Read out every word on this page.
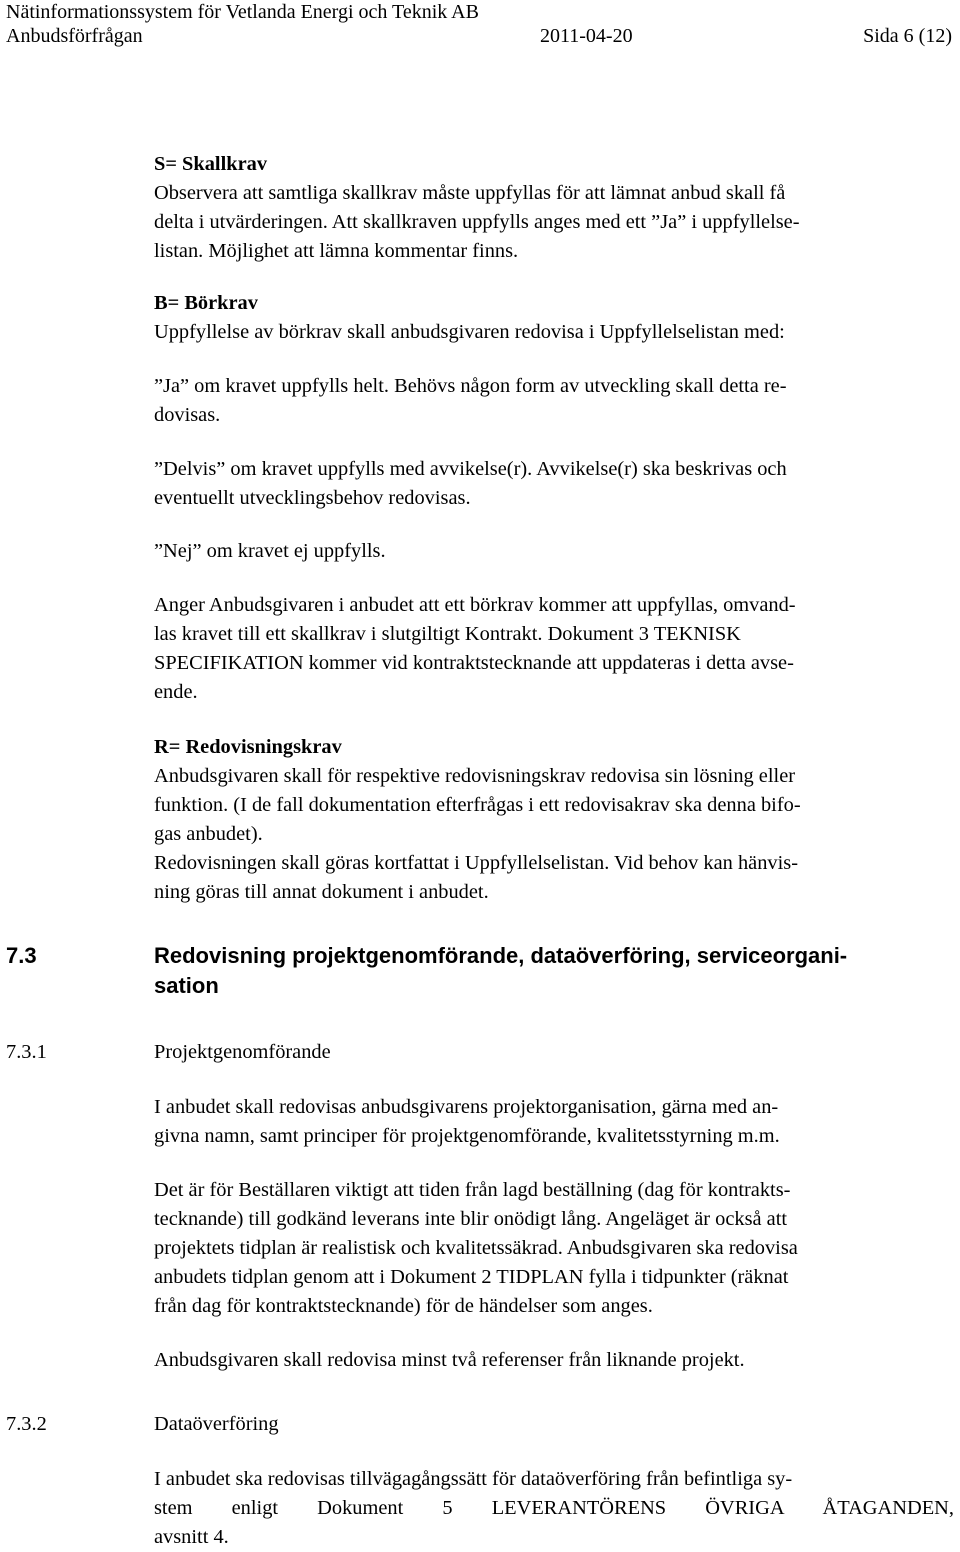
Nätinformationssystem för Vetlanda Energi och Teknik AB
Anbudsförfrågan	2011-04-20	Sida 6 (12)
S= Skallkrav
Observera att samtliga skallkrav måste uppfyllas för att lämnat anbud skall få
delta i utvärderingen. Att skallkraven uppfylls anges med ett ”Ja” i uppfyllelse-
listan. Möjlighet att lämna kommentar finns.
B= Börkrav
Uppfyllelse av börkrav skall anbudsgivaren redovisa i Uppfyllelselistan med:
”Ja” om kravet uppfylls helt. Behövs någon form av utveckling skall detta re-
dovisas.
”Delvis” om kravet uppfylls med avvikelse(r). Avvikelse(r) ska beskrivas och
eventuellt utvecklingsbehov redovisas.
”Nej” om kravet ej uppfylls.
Anger Anbudsgivaren i anbudet att ett börkrav kommer att uppfyllas, omvand-
las kravet till ett skallkrav i slutgiltigt Kontrakt. Dokument 3 TEKNISK
SPECIFIKATION kommer vid kontraktstecknande att uppdateras i detta avse-
ende.
R= Redovisningskrav
Anbudsgivaren skall för respektive redovisningskrav redovisa sin lösning eller
funktion. (I de fall dokumentation efterfrågas i ett redovisakrav ska denna bifo-
gas anbudet).
Redovisningen skall göras kortfattat i Uppfyllelselistan. Vid behov kan hänvis-
ning göras till annat dokument i anbudet.
7.3	Redovisning projektgenomförande, dataöverföring, serviceorgani-
sation
7.3.1	Projektgenomförande
I anbudet skall redovisas anbudsgivarens projektorganisation, gärna med an-
givna namn, samt principer för projektgenomförande, kvalitetsstyrning m.m.
Det är för Beställaren viktigt att tiden från lagd beställning (dag för kontrakts-
tecknande) till godkänd leverans inte blir onödigt lång. Angeläget är också att
projektets tidplan är realistisk och kvalitetssäkrad. Anbudsgivaren ska redovisa
anbudets tidplan genom att i Dokument 2 TIDPLAN fylla i tidpunkter (räknat
från dag för kontraktstecknande) för de händelser som anges.
Anbudsgivaren skall redovisa minst två referenser från liknande projekt.
7.3.2	Dataöverföring
I anbudet ska redovisas tillvägagångssätt för dataöverföring från befintliga sy-
stem enligt Dokument 5 LEVERANTÖRENS ÖVRIGA ÅTAGANDEN,
avsnitt 4.
